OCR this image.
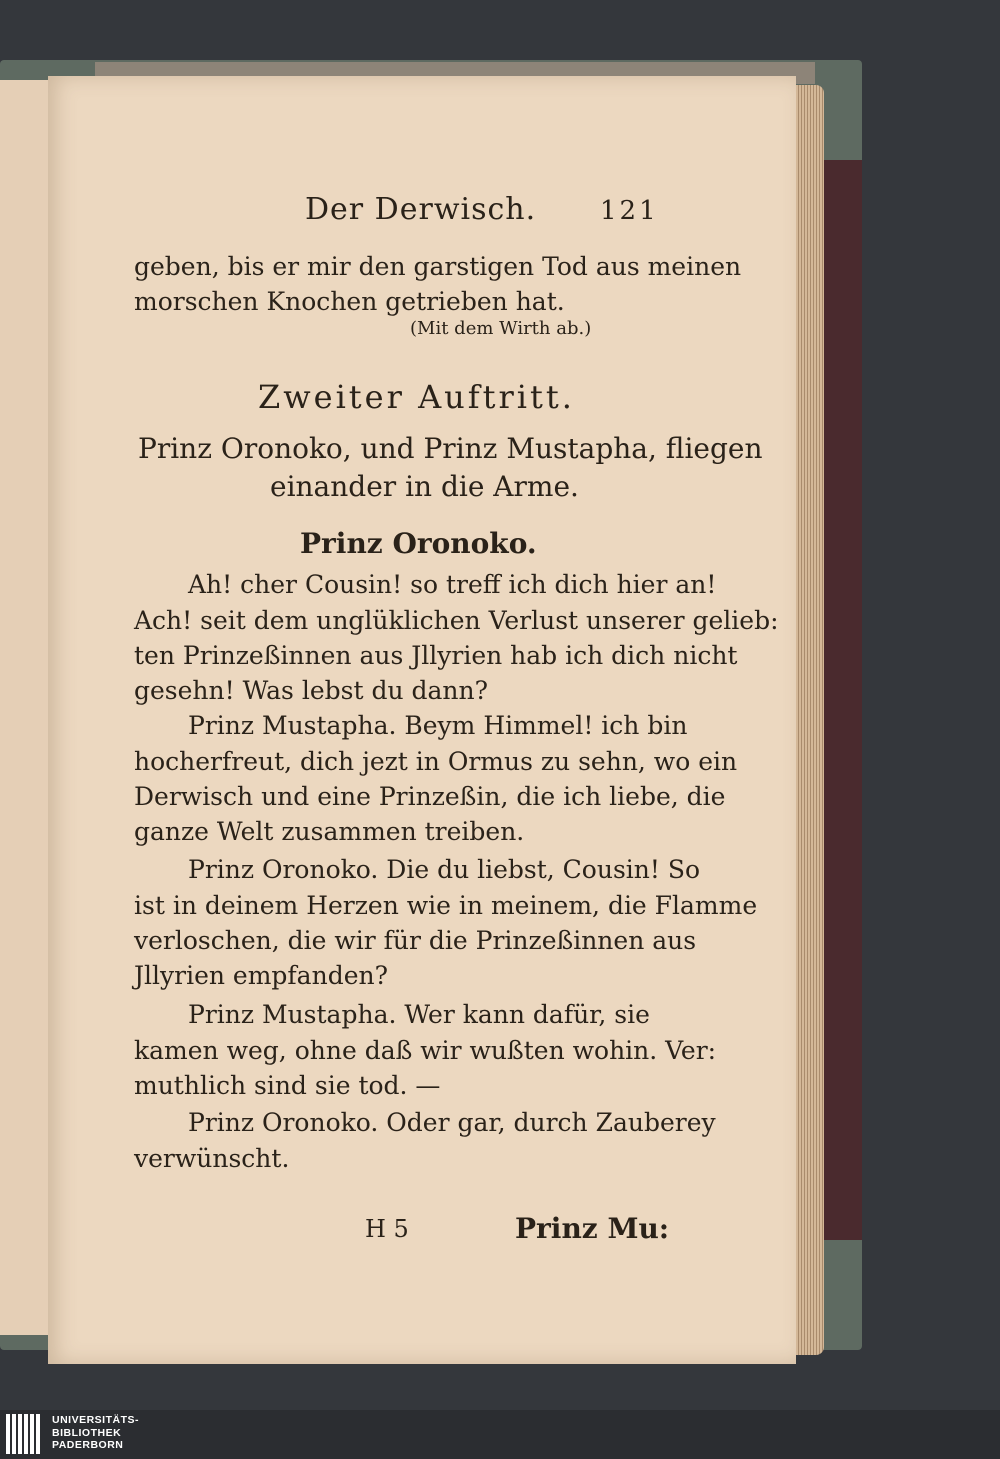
Der Derwisch. 121
geben, bis er mir den garstigen Tod aus meinen
morschen Knochen getrieben hat.
(Mit dem Wirth ab.)
Zweiter Auftritt.
Prinz Oronoko, und Prinz Mustapha, fliegen
einander in die Arme.
Prinz Oronoko.
Ah! cher Cousin! so treff ich dich hier an!
Ach! seit dem unglüklichen Verlust unserer gelieb:
ten Prinzeßinnen aus Jllyrien hab ich dich nicht
gesehn! Was lebst du dann?
Prinz Mustapha. Beym Himmel! ich bin
hocherfreut, dich jezt in Ormus zu sehn, wo ein
Derwisch und eine Prinzeßin, die ich liebe, die
ganze Welt zusammen treiben.
Prinz Oronoko. Die du liebst, Cousin! So
ist in deinem Herzen wie in meinem, die Flamme
verloschen, die wir für die Prinzeßinnen aus
Jllyrien empfanden?
Prinz Mustapha. Wer kann dafür, sie
kamen weg, ohne daß wir wußten wohin. Ver:
muthlich sind sie tod. —
Prinz Oronoko. Oder gar, durch Zauberey
verwünscht.
H 5	Prinz Mu:
UNIVERSITÄTS-
BIBLIOTHEK
PADERBORN
